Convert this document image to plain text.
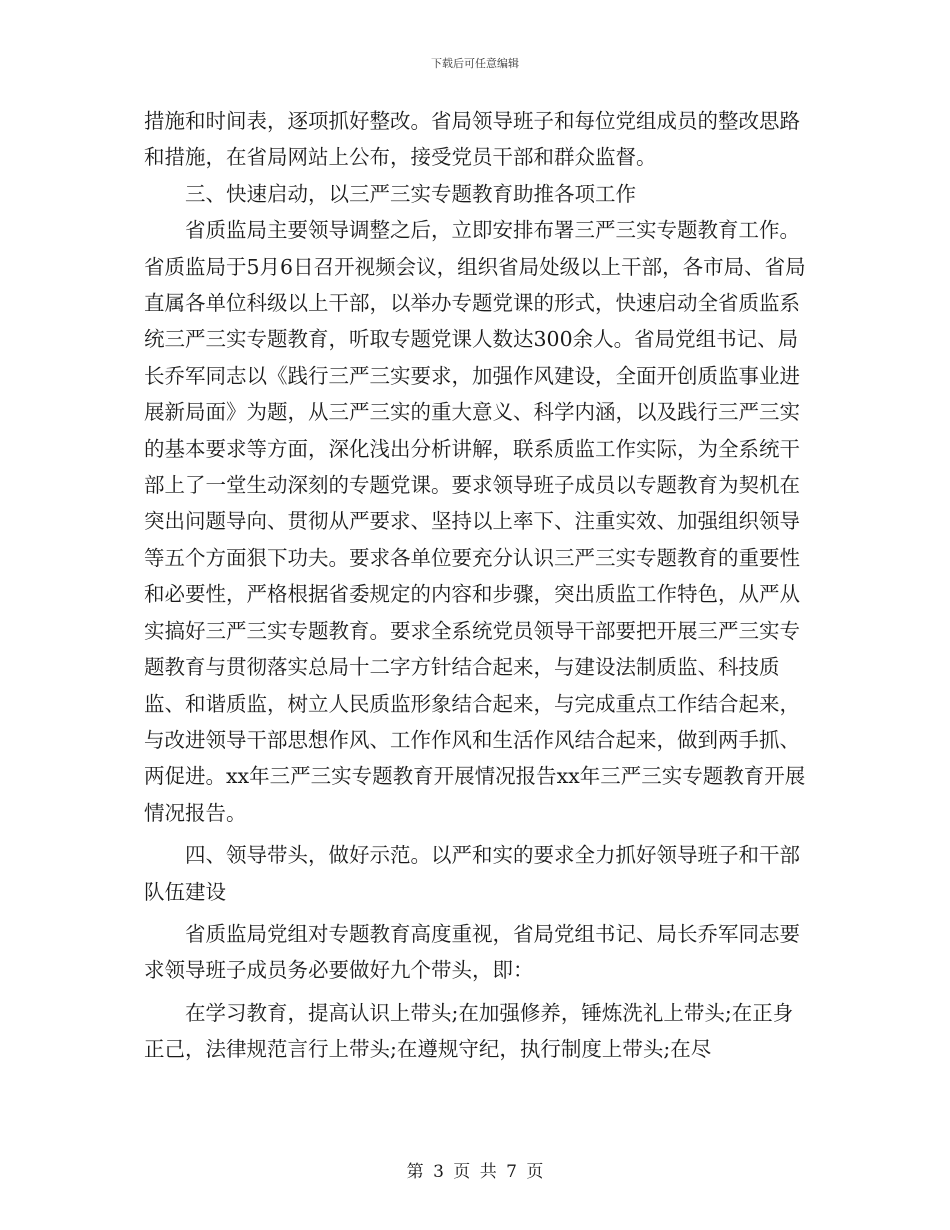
下载后可任意编辑

措施和时间表，逐项抓好整改。省局领导班子和每位党组成员的整改思路和措施，在省局网站上公布，接受党员干部和群众监督。

三、快速启动，以三严三实专题教育助推各项工作

省质监局主要领导调整之后，立即安排布署三严三实专题教育工作。省质监局于5月6日召开视频会议，组织省局处级以上干部，各市局、省局直属各单位科级以上干部，以举办专题党课的形式，快速启动全省质监系统三严三实专题教育，听取专题党课人数达300余人。省局党组书记、局长乔军同志以《践行三严三实要求，加强作风建设，全面开创质监事业进展新局面》为题，从三严三实的重大意义、科学内涵，以及践行三严三实的基本要求等方面，深化浅出分析讲解，联系质监工作实际，为全系统干部上了一堂生动深刻的专题党课。要求领导班子成员以专题教育为契机在突出问题导向、贯彻从严要求、坚持以上率下、注重实效、加强组织领导等五个方面狠下功夫。要求各单位要充分认识三严三实专题教育的重要性和必要性，严格根据省委规定的内容和步骤，突出质监工作特色，从严从实搞好三严三实专题教育。要求全系统党员领导干部要把开展三严三实专题教育与贯彻落实总局十二字方针结合起来，与建设法制质监、科技质监、和谐质监，树立人民质监形象结合起来，与完成重点工作结合起来，与改进领导干部思想作风、工作作风和生活作风结合起来，做到两手抓、两促进。xx年三严三实专题教育开展情况报告xx年三严三实专题教育开展情况报告。

四、领导带头，做好示范。以严和实的要求全力抓好领导班子和干部队伍建设

省质监局党组对专题教育高度重视，省局党组书记、局长乔军同志要求领导班子成员务必要做好九个带头，即：

在学习教育，提高认识上带头;在加强修养，锤炼洗礼上带头;在正身正己，法律规范言行上带头;在遵规守纪，执行制度上带头;在尽

第 3 页 共 7 页
